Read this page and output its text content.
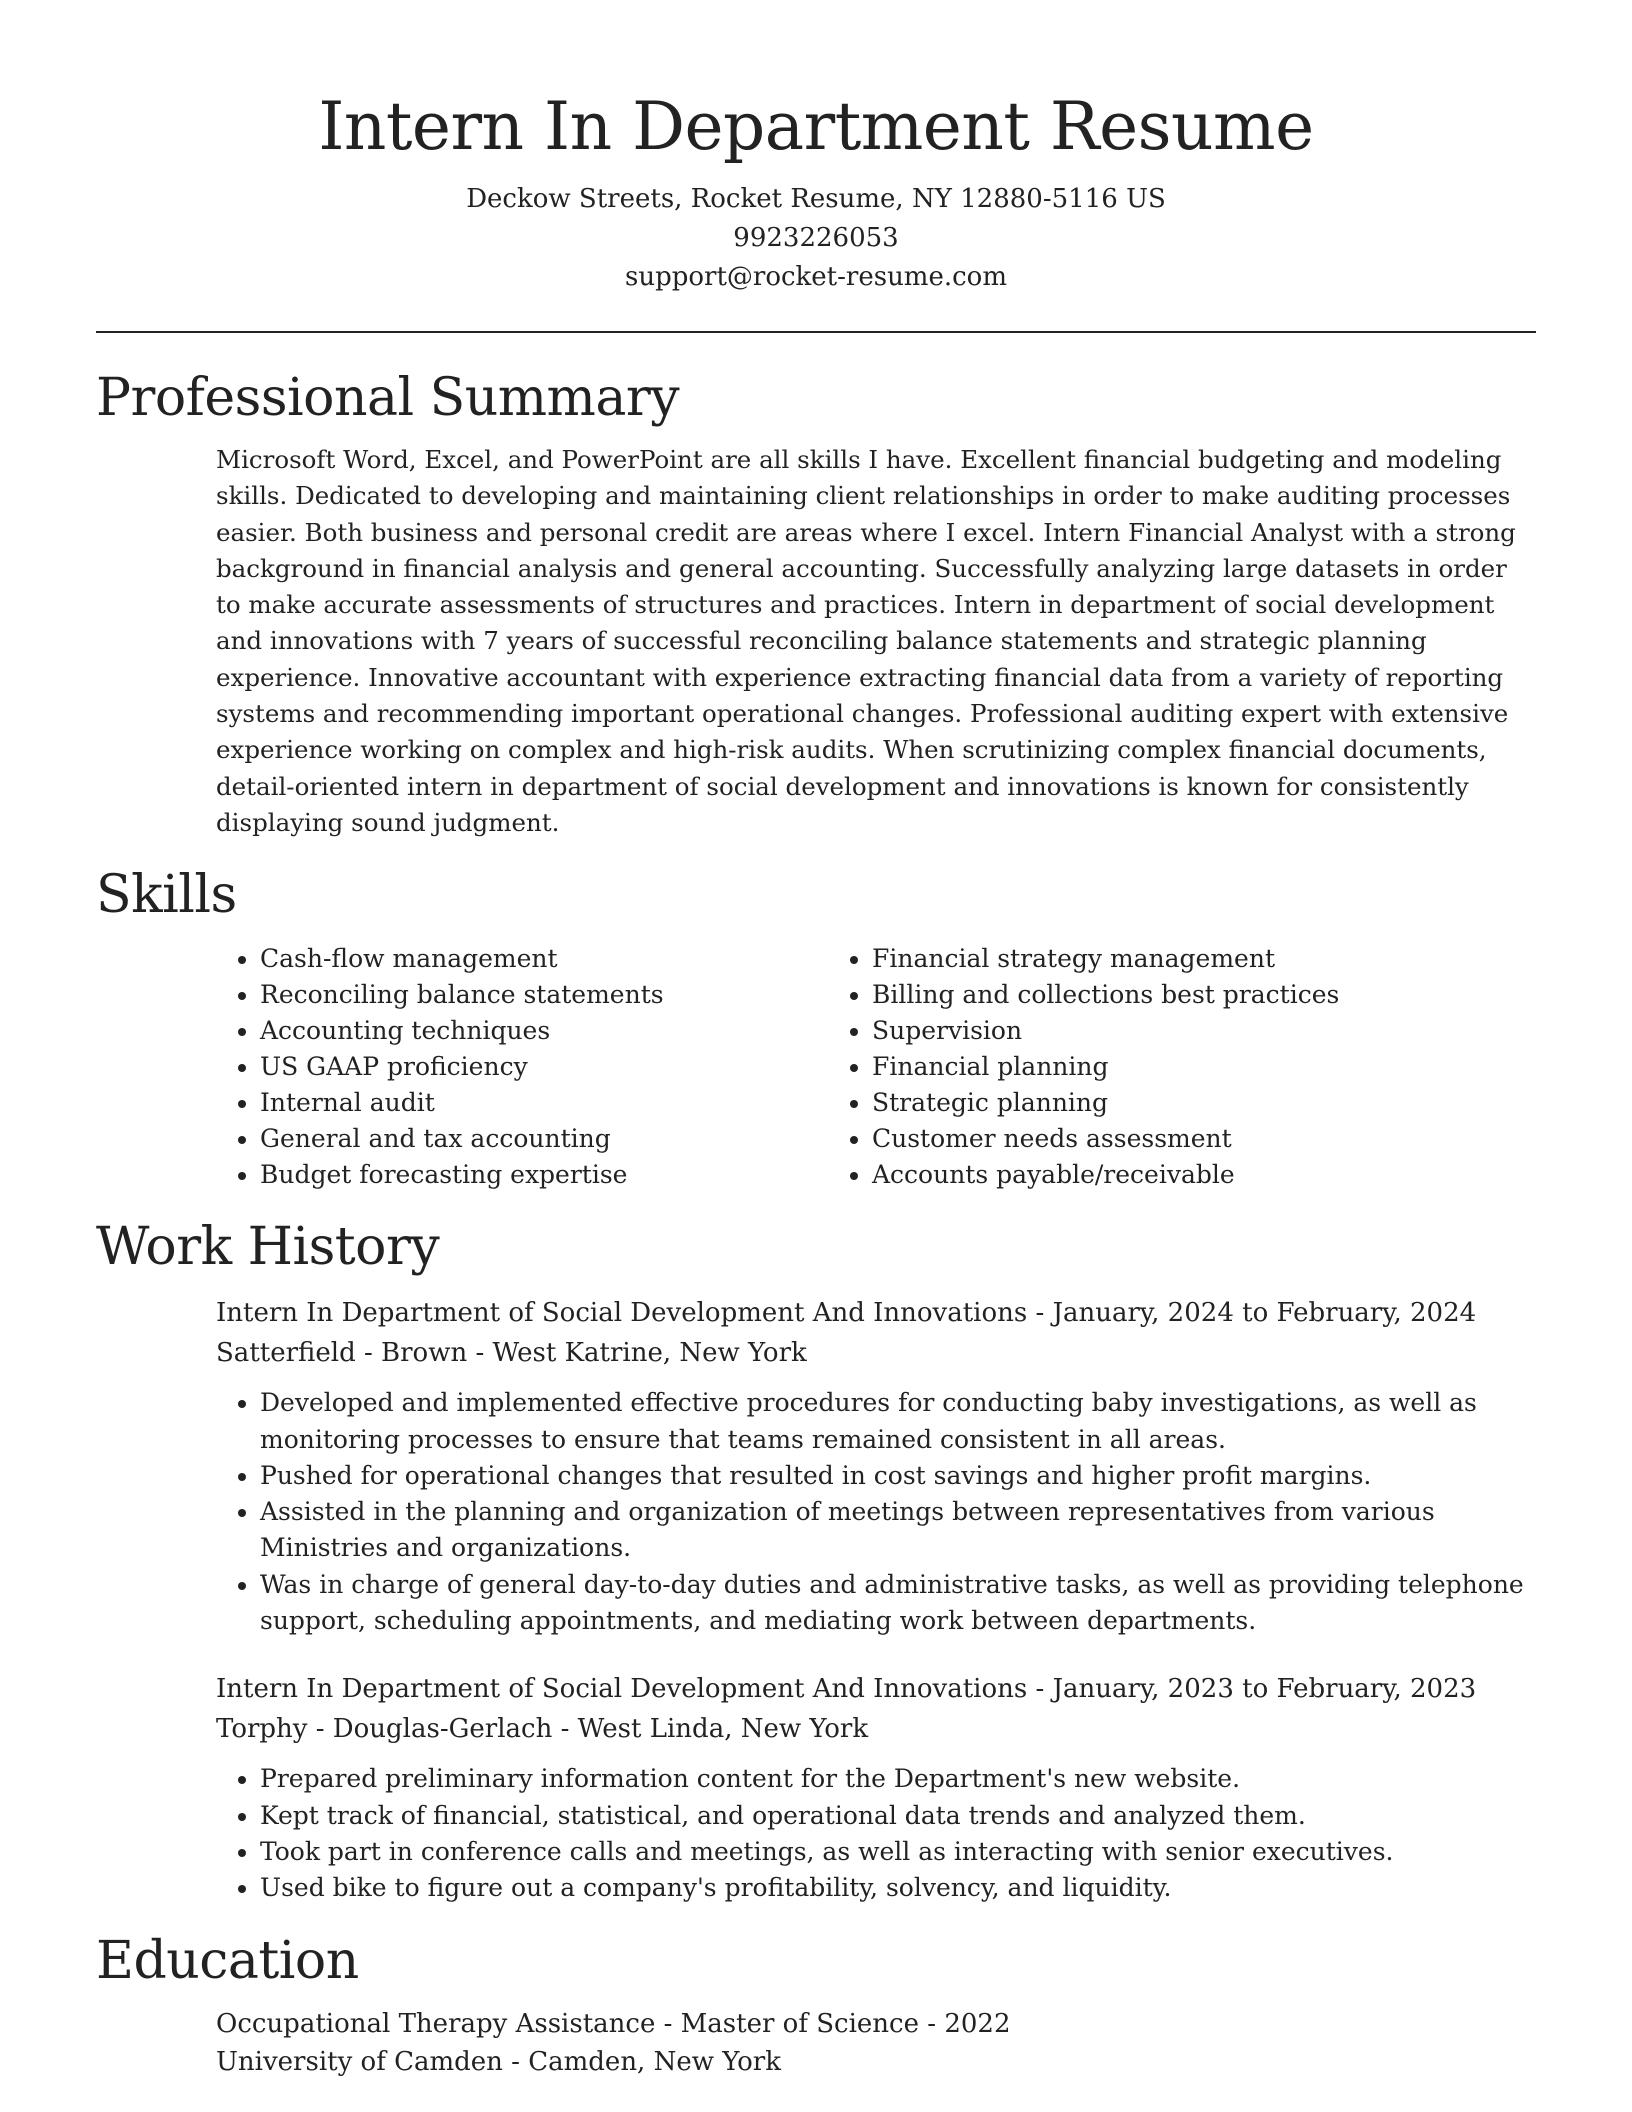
Intern In Department Resume
Deckow Streets, Rocket Resume, NY 12880-5116 US
9923226053
support@rocket-resume.com
Professional Summary

Microsoft Word, Excel, and PowerPoint are all skills I have. Excellent financial budgeting and modeling skills. Dedicated to developing and maintaining client relationships in order to make auditing processes easier. Both business and personal credit are areas where I excel. Intern Financial Analyst with a strong background in financial analysis and general accounting. Successfully analyzing large datasets in order to make accurate assessments of structures and practices. Intern in department of social development and innovations with 7 years of successful reconciling balance statements and strategic planning experience. Innovative accountant with experience extracting financial data from a variety of reporting systems and recommending important operational changes. Professional auditing expert with extensive experience working on complex and high-risk audits. When scrutinizing complex financial documents, detail-oriented intern in department of social development and innovations is known for consistently displaying sound judgment.

Skills
• Cash-flow management
• Reconciling balance statements
• Accounting techniques
• US GAAP proficiency
• Internal audit
• General and tax accounting
• Budget forecasting expertise
• Financial strategy management
• Billing and collections best practices
• Supervision
• Financial planning
• Strategic planning
• Customer needs assessment
• Accounts payable/receivable
Work History
Intern In Department of Social Development And Innovations - January, 2024 to February, 2024
Satterfield - Brown - West Katrine, New York
• Developed and implemented effective procedures for conducting baby investigations, as well as monitoring processes to ensure that teams remained consistent in all areas.
• Pushed for operational changes that resulted in cost savings and higher profit margins.
• Assisted in the planning and organization of meetings between representatives from various Ministries and organizations.
• Was in charge of general day-to-day duties and administrative tasks, as well as providing telephone support, scheduling appointments, and mediating work between departments.
Intern In Department of Social Development And Innovations - January, 2023 to February, 2023
Torphy - Douglas-Gerlach - West Linda, New York
• Prepared preliminary information content for the Department's new website.
• Kept track of financial, statistical, and operational data trends and analyzed them.
• Took part in conference calls and meetings, as well as interacting with senior executives.
• Used bike to figure out a company's profitability, solvency, and liquidity.
Education
Occupational Therapy Assistance - Master of Science - 2022
University of Camden - Camden, New York
